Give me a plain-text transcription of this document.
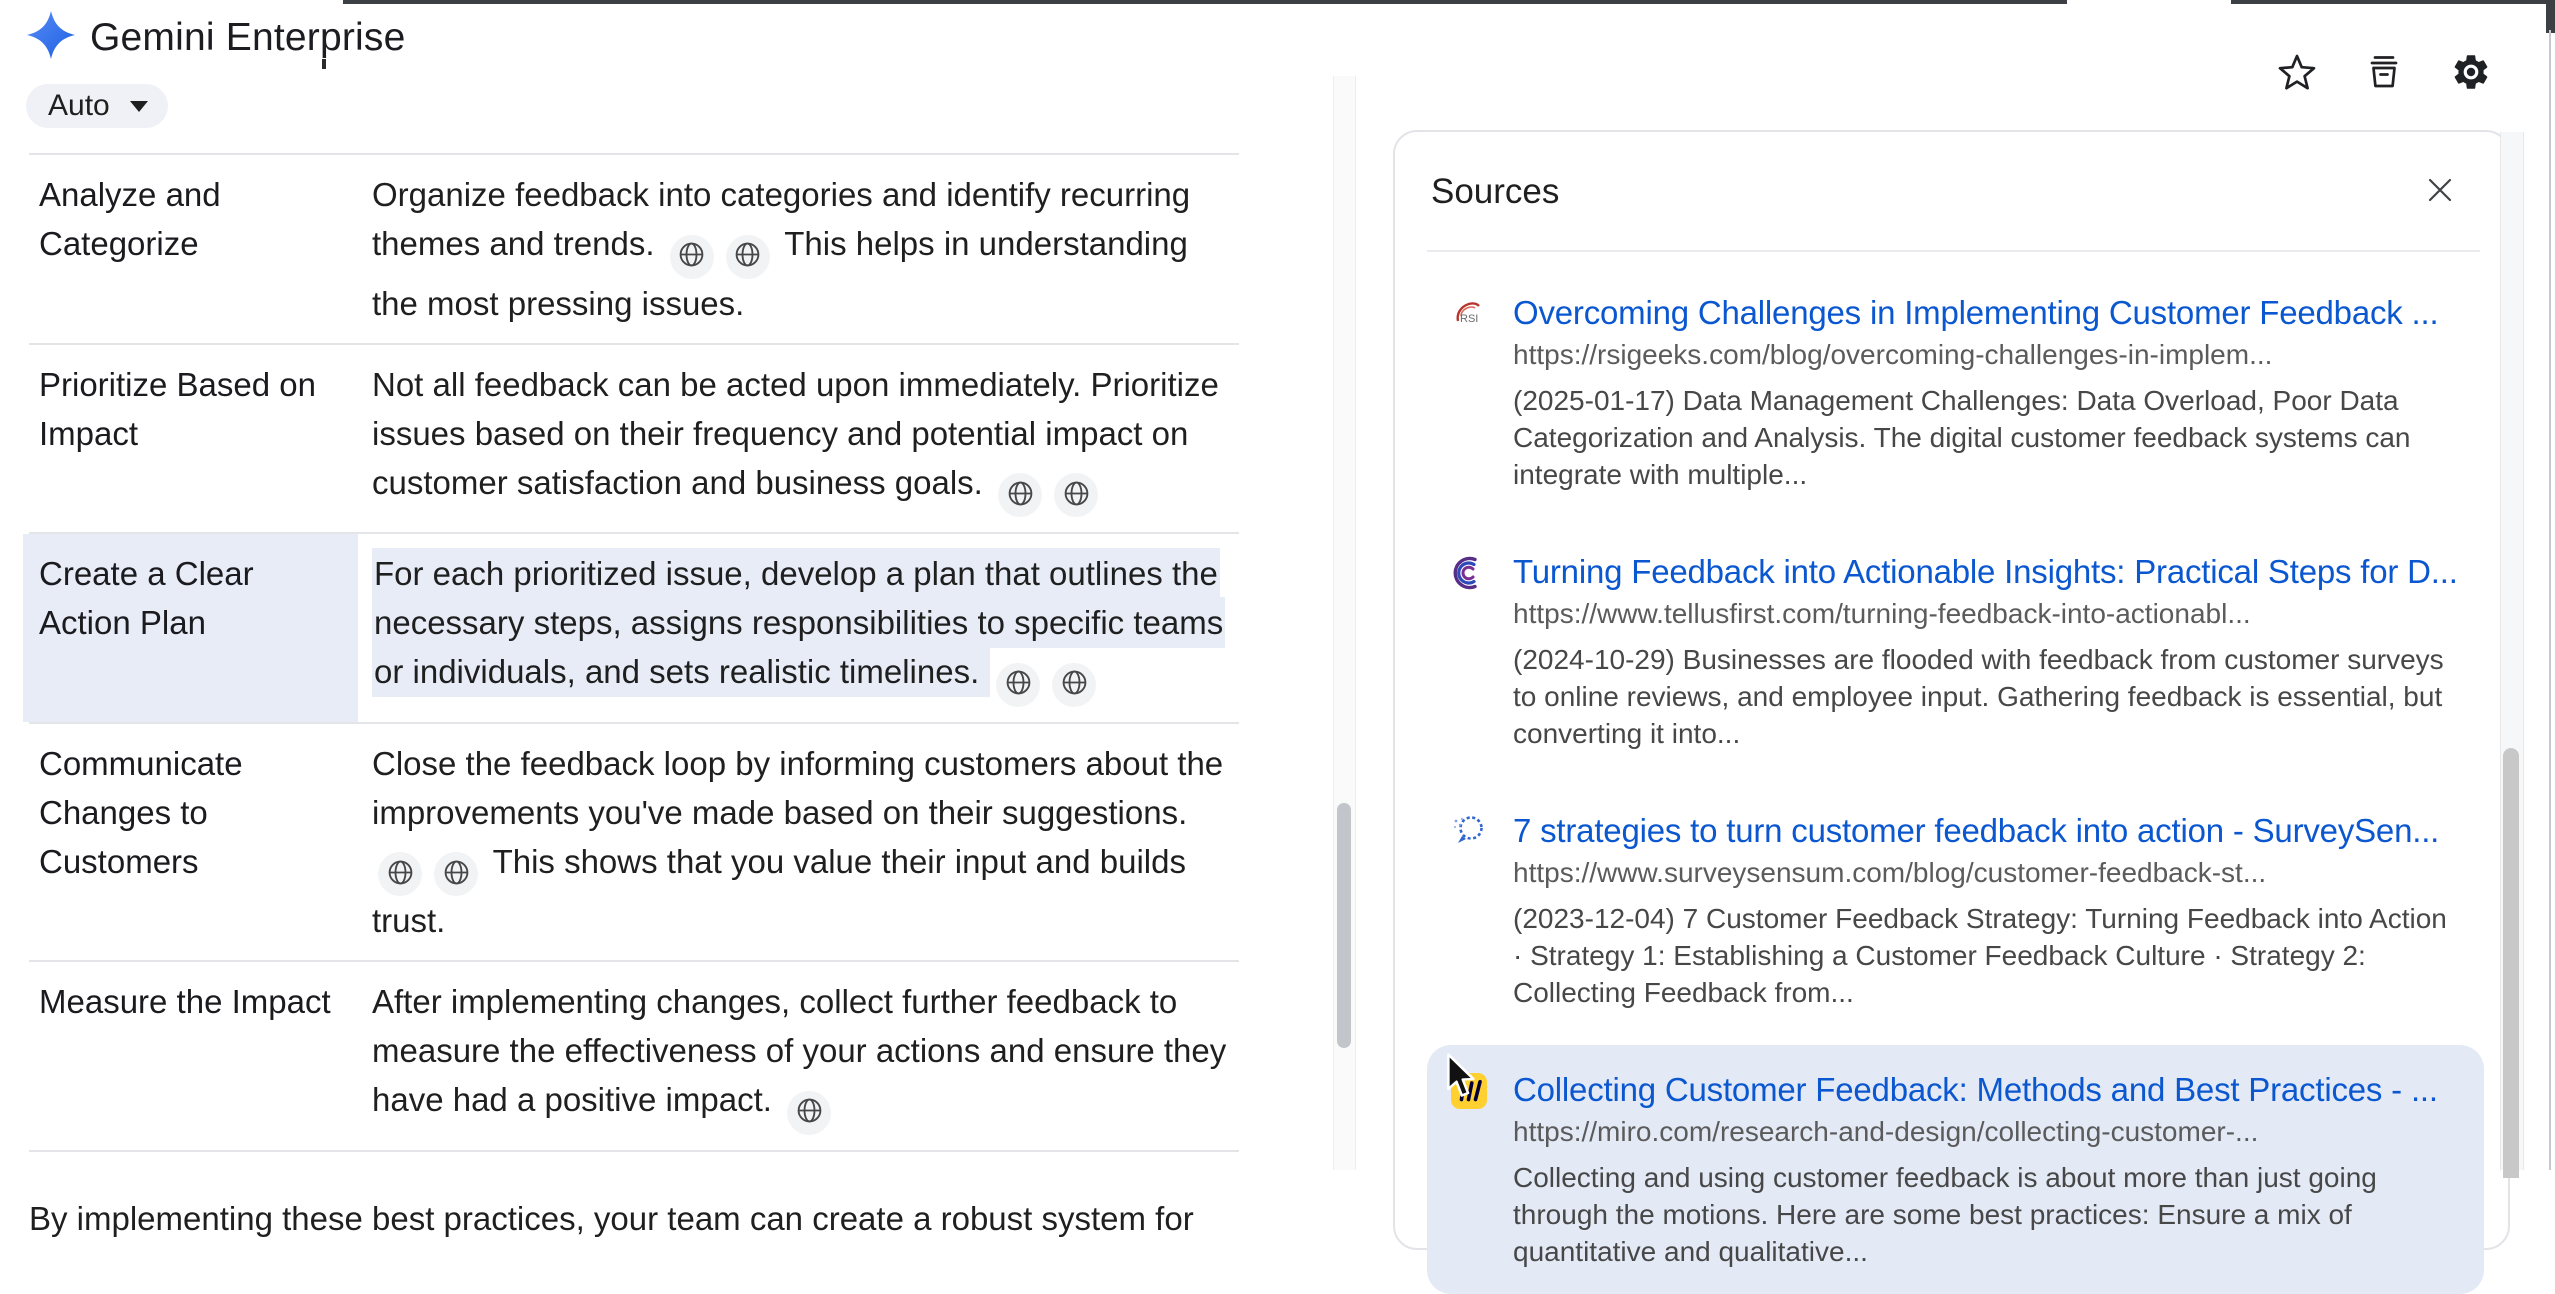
Gemini Enterprise
Auto
Analyze and Categorize
Organize feedback into categories and identify recurring themes and trends.	This helps in understanding the most pressing issues.
Prioritize Based on Impact
Not all feedback can be acted upon immediately. Prioritize issues based on their frequency and potential impact on customer satisfaction and business goals.
Create a Clear Action Plan
For each prioritized issue, develop a plan that outlines the necessary steps, assigns responsibilities to specific teams or individuals, and sets realistic timelines.
Communicate Changes to Customers
Close the feedback loop by informing customers about the improvements you've made based on their suggestions.
This shows that you value their input and builds trust.
Measure the Impact	After implementing changes, collect further feedback to measure the effectiveness of your actions and ensure they have had a positive impact.
By implementing these best practices, your team can create a robust system for
Sources
RSI Overcoming Challenges in Implementing Customer Feedback ...
https://rsigeeks.com/blog/overcoming-challenges-in-implem...
(2025-01-17) Data Management Challenges: Data Overload, Poor Data Categorization and Analysis. The digital customer feedback systems can integrate with multiple...
Turning Feedback into Actionable Insights: Practical Steps for D...
https://www.tellusfirst.com/turning-feedback-into-actionabl...
(2024-10-29) Businesses are flooded with feedback from customer surveys to online reviews, and employee input. Gathering feedback is essential, but converting it into...
7 strategies to turn customer feedback into action - SurveySen...
https://www.surveysensum.com/blog/customer-feedback-st...
(2023-12-04) 7 Customer Feedback Strategy: Turning Feedback into Action · Strategy 1: Establishing a Customer Feedback Culture · Strategy 2: Collecting Feedback from...
Collecting Customer Feedback: Methods and Best Practices - ...
https://miro.com/research-and-design/collecting-customer-...
Collecting and using customer feedback is about more than just going through the motions. Here are some best practices: Ensure a mix of quantitative and qualitative...
